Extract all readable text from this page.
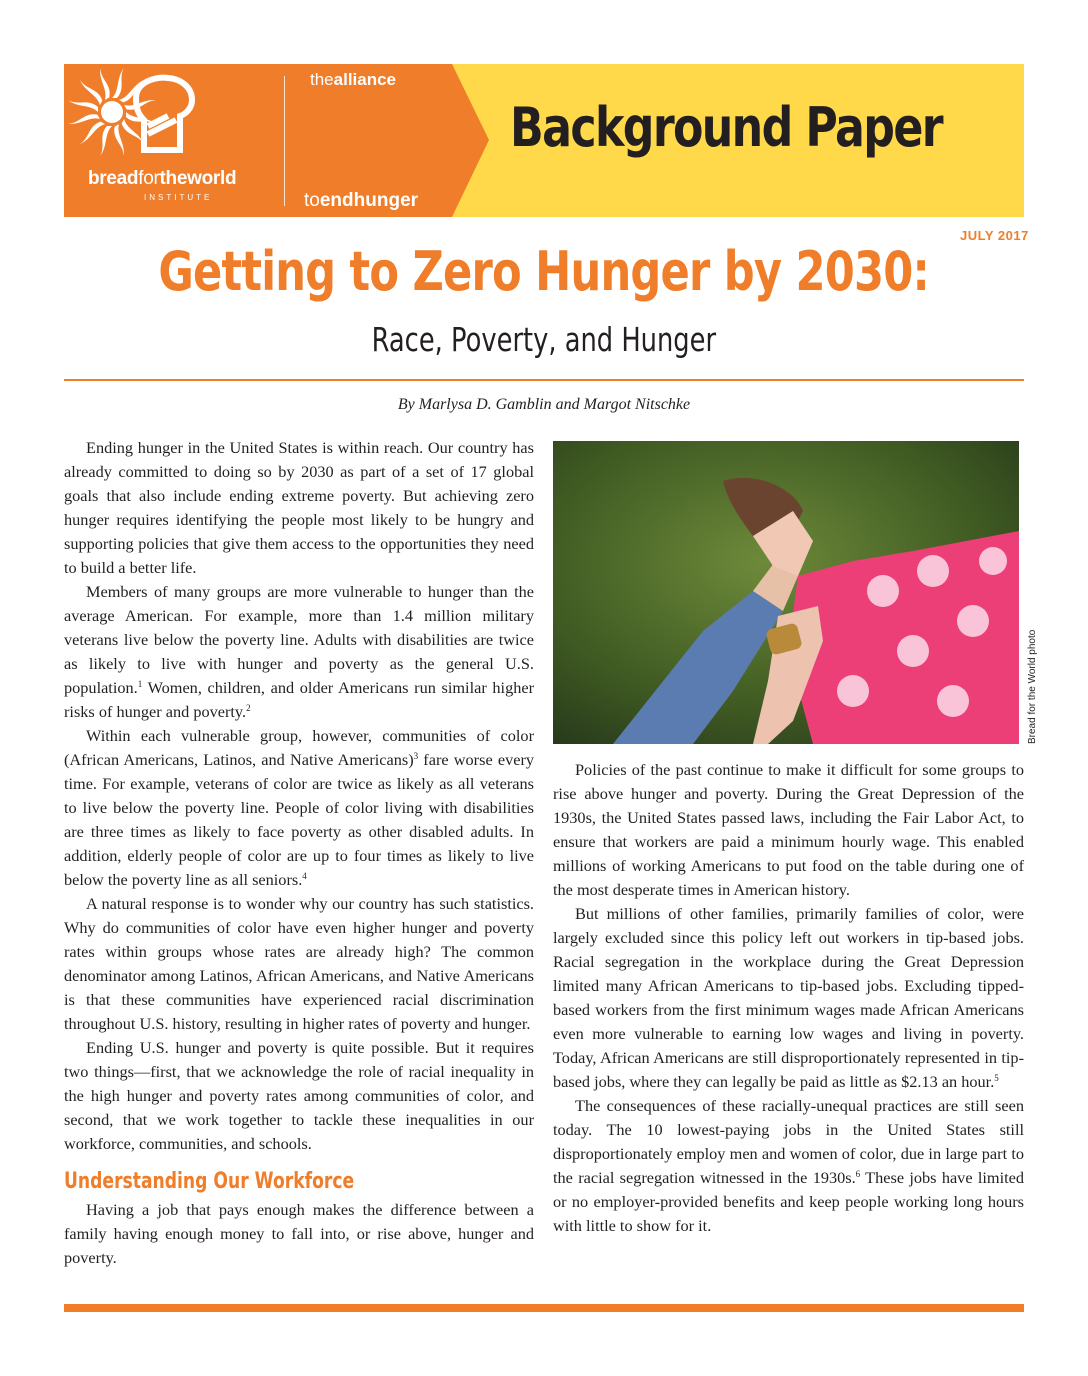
breadfortheworld
INSTITUTE
thealliance
toendhunger
Background Paper
JULY 2017
Getting to Zero Hunger by 2030:
Race, Poverty, and Hunger
By Marlysa D. Gamblin and Margot Nitschke

Ending hunger in the United States is within reach. Our country has already committed to doing so by 2030 as part of a set of 17 global goals that also include ending extreme poverty. But achieving zero hunger requires identifying the people most likely to be hungry and supporting policies that give them access to the opportunities they need to build a better life.

Members of many groups are more vulnerable to hunger than the average American. For example, more than 1.4 million military veterans live below the poverty line. Adults with disabilities are twice as likely to live with hunger and poverty as the general U.S. population.$^1$ Women, children, and older Americans run similar higher risks of hunger and poverty.$^2$

Within each vulnerable group, however, communities of color (African Americans, Latinos, and Native Americans)$^3$ fare worse every time. For example, veterans of color are twice as likely as all veterans to live below the poverty line. People of color living with disabilities are three times as likely to face poverty as other disabled adults. In addition, elderly people of color are up to four times as likely to live below the poverty line as all seniors.$^4$

A natural response is to wonder why our country has such statistics. Why do communities of color have even higher hunger and poverty rates within groups whose rates are already high? The common denominator among Latinos, African Americans, and Native Americans is that these communities have experienced racial discrimination throughout U.S. history, resulting in higher rates of poverty and hunger.

Ending U.S. hunger and poverty is quite possible. But it requires two things—first, that we acknowledge the role of racial inequality in the high hunger and poverty rates among communities of color, and second, that we work together to tackle these inequalities in our workforce, communities, and schools.

Understanding Our Workforce

Having a job that pays enough makes the difference between a family having enough money to fall into, or rise above, hunger and poverty.

Bread for the World photo

Policies of the past continue to make it difficult for some groups to rise above hunger and poverty. During the Great Depression of the 1930s, the United States passed laws, including the Fair Labor Act, to ensure that workers are paid a minimum hourly wage. This enabled millions of working Americans to put food on the table during one of the most desperate times in American history.

But millions of other families, primarily families of color, were largely excluded since this policy left out workers in tip-based jobs. Racial segregation in the workplace during the Great Depression limited many African Americans to tip-based jobs. Excluding tipped-based workers from the first minimum wages made African Americans even more vulnerable to earning low wages and living in poverty. Today, African Americans are still disproportionately represented in tip-based jobs, where they can legally be paid as little as $2.13 an hour.$^5$

The consequences of these racially-unequal practices are still seen today. The 10 lowest-paying jobs in the United States still disproportionately employ men and women of color, due in large part to the racial segregation witnessed in the 1930s.$^6$ These jobs have limited or no employer-provided benefits and keep people working long hours with little to show for it.
